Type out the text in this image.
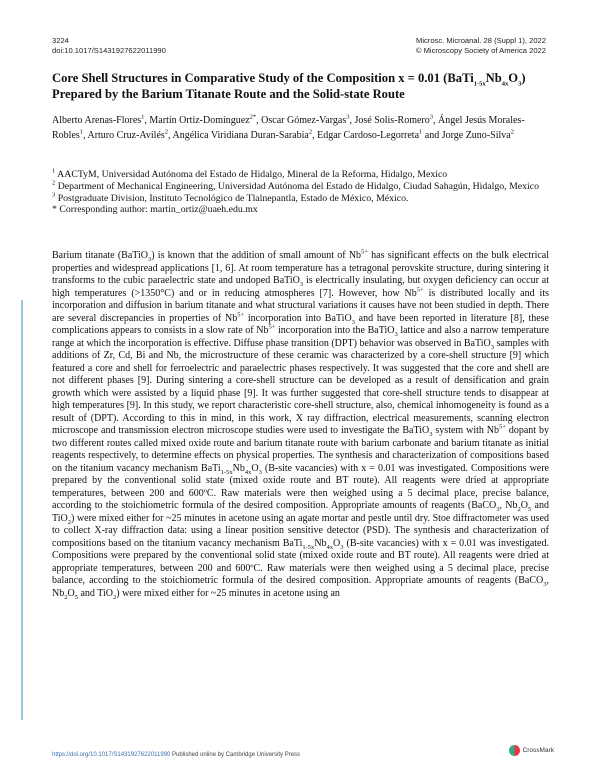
3224
doi:10.1017/S1431927622011990
Microsc. Microanal. 28 (Suppl 1), 2022
© Microscopy Society of America 2022
Core Shell Structures in Comparative Study of the Composition x = 0.01 $(BaTi_{1-5x}Nb_{4x}O_3)$ Prepared by the Barium Titanate Route and the Solid-state Route
Alberto Arenas-Flores$^1$, Martín Ortiz-Domínguez$^{2*}$, Oscar Gómez-Vargas$^3$, José Solis-Romero$^3$, Ángel Jesús Morales-Robles$^1$, Arturo Cruz-Avilés$^2$, Angélica Viridiana Duran-Sarabia$^2$, Edgar Cardoso-Legorreta$^1$ and Jorge Zuno-Silva$^2$
$^1$ AACTyM, Universidad Autónoma del Estado de Hidalgo, Mineral de la Reforma, Hidalgo, Mexico
$^2$ Department of Mechanical Engineering, Universidad Autónoma del Estado de Hidalgo, Ciudad Sahagún, Hidalgo, Mexico
$^3$ Postgraduate Division, Instituto Tecnológico de Tlalnepantla, Estado de México, México.
* Corresponding author: martin_ortiz@uaeh.edu.mx
Barium titanate (BaTiO$_3$) is known that the addition of small amount of $Nb^{5+}$ has significant effects on the bulk electrical properties and widespread applications [1, 6]. At room temperature has a tetragonal perovskite structure, during sintering it transforms to the cubic paraelectric state and undoped BaTiO$_3$ is electrically insulating, but oxygen deficiency can occur at high temperatures (>1350°C) and or in reducing atmospheres [7]. However, how $Nb^{5+}$ is distributed locally and its incorporation and diffusion in barium titanate and what structural variations it causes have not been studied in depth. There are several discrepancies in properties of $Nb^{5+}$ incorporation into BaTiO$_3$ and have been reported in literature [8], these complications appears to consists in a slow rate of $Nb^{5+}$ incorporation into the BaTiO$_3$ lattice and also a narrow temperature range at which the incorporation is effective. Diffuse phase transition (DPT) behavior was observed in BaTiO$_3$ samples with additions of Zr, Cd, Bi and Nb, the microstructure of these ceramic was characterized by a core-shell structure [9] which featured a core and shell for ferroelectric and paraelectric phases respectively. It was suggested that the core and shell are not different phases [9]. During sintering a core-shell structure can be developed as a result of densification and grain growth which were assisted by a liquid phase [9]. It was further suggested that core-shell structure tends to disappear at high temperatures [9]. In this study, we report characteristic core-shell structure, also, chemical inhomogeneity is found as a result of (DPT). According to this in mind, in this work, X ray diffraction, electrical measurements, scanning electron microscope and transmission electron microscope studies were used to investigate the BaTiO$_3$ system with $Nb^{5+}$ dopant by two different routes called mixed oxide route and barium titanate route with barium carbonate and barium titanate as initial reagents respectively, to determine effects on physical properties. The synthesis and characterization of compositions based on the titanium vacancy mechanism $BaTi_{1-5x}Nb_{4x}O_3$ (B-site vacancies) with x = 0.01 was investigated. Compositions were prepared by the conventional solid state (mixed oxide route and BT route). All reagents were dried at appropriate temperatures, between 200 and 600ºC. Raw materials were then weighed using a 5 decimal place, precise balance, according to the stoichiometric formula of the desired composition. Appropriate amounts of reagents (BaCO$_3$, $Nb_2O_5$ and TiO$_2$) were mixed either for ~25 minutes in acetone using an agate mortar and pestle until dry. Stoe diffractometer was used to collect X-ray diffraction data: using a linear position sensitive detector (PSD). The synthesis and characterization of compositions based on the titanium vacancy mechanism $BaTi_{1-5x}Nb_{4x}O_3$ (B-site vacancies) with x = 0.01 was investigated. Compositions were prepared by the conventional solid state (mixed oxide route and BT route). All reagents were dried at appropriate temperatures, between 200 and 600ºC. Raw materials were then weighed using a 5 decimal place, precise balance, according to the stoichiometric formula of the desired composition. Appropriate amounts of reagents (BaCO$_3$, $Nb_2O_5$ and TiO$_2$) were mixed either for ~25 minutes in acetone using an
https://doi.org/10.1017/S1431927622011990 Published online by Cambridge University Press
CrossMark
